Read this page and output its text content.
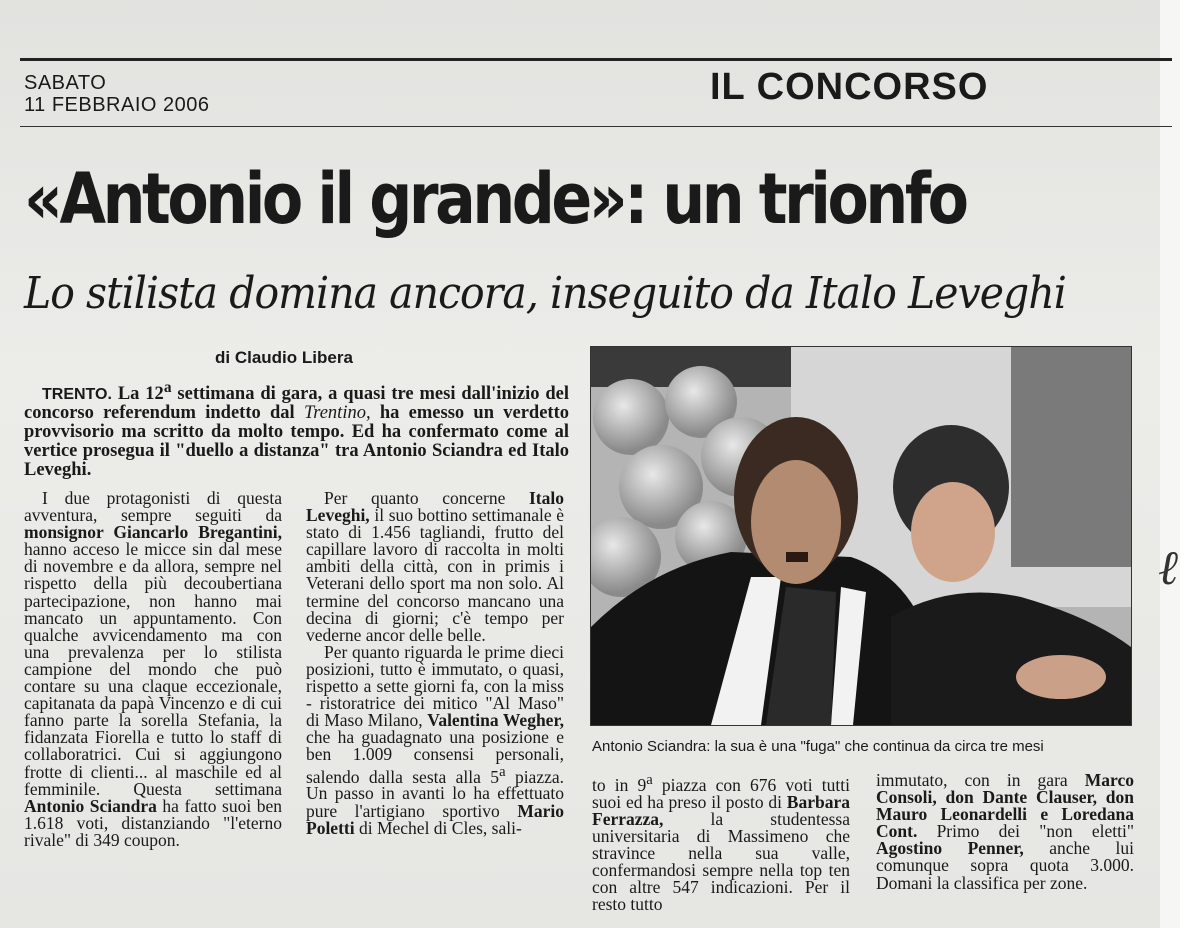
SABATO
11 FEBBRAIO 2006	IL CONCORSO
«Antonio il grande»: un trionfo
Lo stilista domina ancora, inseguito da Italo Leveghi
di Claudio Libera
TRENTO. La 12$^a$ settimana di gara, a quasi tre mesi dall'inizio del concorso referendum indetto dal Trentino, ha emesso un verdetto provvisorio ma scritto da molto tempo. Ed ha confermato come al vertice prosegua il "duello a distanza" tra Antonio Sciandra ed Italo Leveghi.

I due protagonisti di questa avventura, sempre seguiti da monsignor Giancarlo Bregantini, hanno acceso le micce sin dal mese di novembre e da allora, sempre nel rispetto della più decoubertiana partecipazione, non hanno mai mancato un appuntamento. Con qualche avvicendamento ma con una prevalenza per lo stilista campione del mondo che può contare su una claque eccezionale, capitanata da papà Vincenzo e di cui fanno parte la sorella Stefania, la fidanzata Fiorella e tutto lo staff di collaboratrici. Cui si aggiungono frotte di clienti... al maschile ed al femminile. Questa settimana Antonio Sciandra ha fatto suoi ben 1.618 voti, distanziando "l'eterno rivale" di 349 coupon.

Per quanto concerne Italo Leveghi, il suo bottino settimanale è stato di 1.456 tagliandi, frutto del capillare lavoro di raccolta in molti ambiti della città, con in primis i Veterani dello sport ma non solo. Al termine del concorso mancano una decina di giorni; c'è tempo per vederne ancor delle belle.

Per quanto riguarda le prime dieci posizioni, tutto è immutato, o quasi, rispetto a sette giorni fa, con la miss - ristoratrice dei mitico "Al Maso" di Maso Milano, Valentina Wegher, che ha guadagnato una posizione e ben 1.009 consensi personali, salendo dalla sesta alla 5$^a$ piazza. Un passo in avanti lo ha effettuato pure l'artigiano sportivo Mario Poletti di Mechel di Cles, sali-

Antonio Sciandra: la sua è una "fuga" che continua da circa tre mesi

to in 9$^a$ piazza con 676 voti tutti suoi ed ha preso il posto di Barbara Ferrazza, la studentessa universitaria di Massimeno che stravince nella sua valle, confermandosi sempre nella top ten con altre 547 indicazioni. Per il resto tutto

immutato, con in gara Marco Consoli, don Dante Clauser, don Mauro Leonardelli e Loredana Cont. Primo dei "non eletti" Agostino Penner, anche lui comunque sopra quota 3.000. Domani la classifica per zone.

ℓ
